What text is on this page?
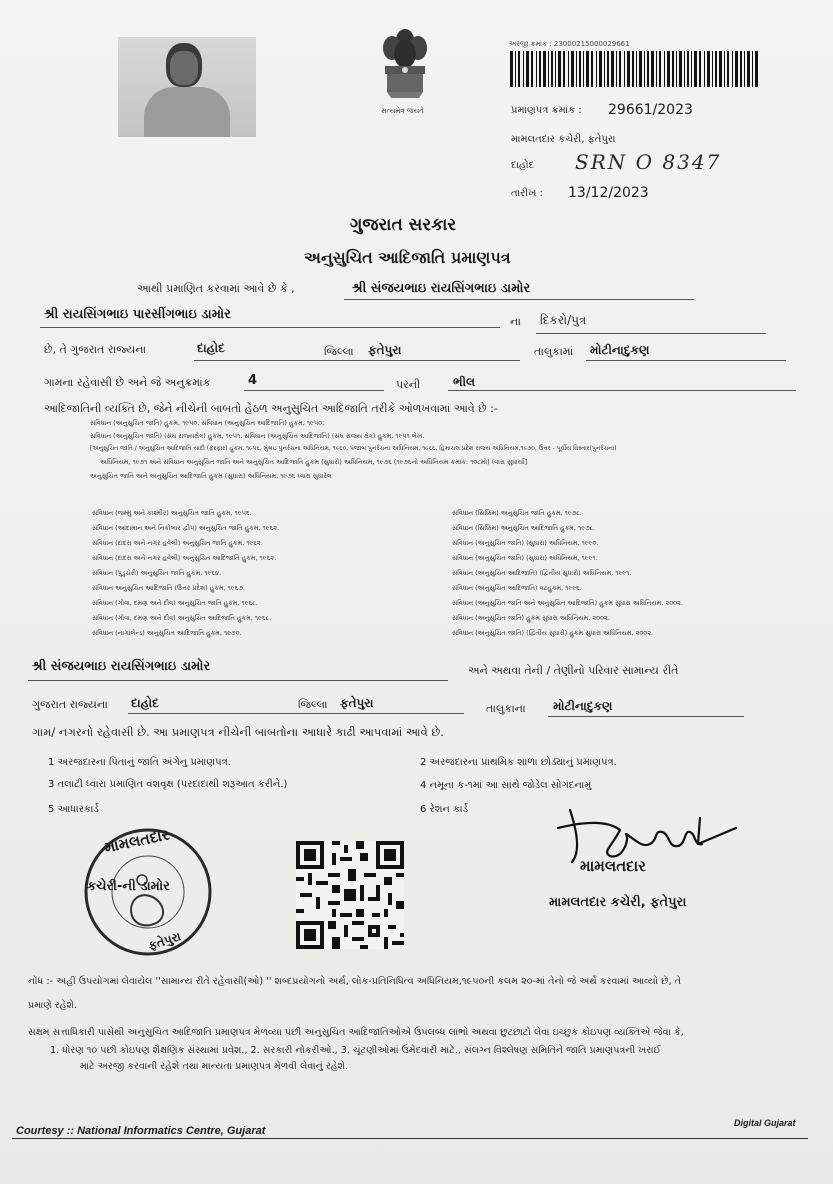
સત્યમેવ જયતે
અરજી ક્રમાંક : 23000215000029661
પ્રમાણપત્ર ક્રમાંક : 29661/2023
મામલતદાર કચેરી, ફતેપુરા
દાહોદ SRN O 8347
તારીખ : 13/12/2023
ગુજરાત સરકાર
અનુસુચિત આદિજાતિ પ્રમાણપત્ર
આથી પ્રમાણિત કરવામાં આવે છે કે ,	શ્રી સંજયભાઇ રાયસિંગભાઇ ડામોર
શ્રી રાયસિંગભાઇ પારસીંગભાઇ ડામોર	ના દિકરો/પુત્ર
છે, તે ગુજરાત રાજ્યના	દાહોદ	જિલ્લા ફતેપુરા	તાલુકામાં મોટીનાદુકણ
ગામના રહેવાસી છે અને જે અનુક્રમાંક	4	પરની	ભીલ
આદિજાતિની વ્યક્તિ છે, જેને નીચેની બાબતો હેઠળ અનુસુચિત આદિજાતિ તરીકે ઓળખવામાં આવે છે :-
સંવિધાન (અનુસુચિત જાતિ) હુકમ, ૧૯૫૦, સંવિધાન (અનુસુચિત આદિજાતિ) હુકમ, ૧૯૫૦;
સંવિધાન (અનુસુચિત જાતિ) (સંઘ રાજ્યક્ષેત્ર) હુકમ, ૧૯૫૧, સંવિધાન (અનુસુચિત આદિજાતિ) (સંઘ રાજ્ય ક્ષેત્ર) હુકમ, ૧૯૫૧ લેખ.
[અનુસુચિત જાતિ / અનુસુચિત આદિજાતિ યાદી (ફેરફાર) હુકમ, ૧૯૫૬, મુંબઇ પુનર્રચના અધિનિયમ, ૧૯૬૦, પંજાબ પુનર્રચના અધિનિયમ, ૧૯૬૬, હિમાચલ પ્રદેશ રાજ્ય અધિનિયમ,૧૯૭૦, ઉત્તર - પૂર્વીય વિસ્તાર(પુનર્રચના)
અધિનિયમ, ૧૯૭૧ અને સંવિધાન અનુસુચિત જાતિ અને અનુસુચિત આદિજાતિ હુકમ (સુધારો) અધિનિયમ, ૧૯૭૬ (૧૯૭૬નો અધિનિયમ ક્રમાંક: ૧૦૮મો) ધ્વારા સુધાર્યા]
અનુસુચિત જાતિ અને અનુસુચિત આદિજાતિ હુકમ (સુધારા) અધિનિયમ, ૧૯૭૬ ધ્વારા સુધારેલ
સંવિધાન (જમ્મુ અને કાશ્મીર) અનુસુચિત જાતિ હુકમ, ૧૯૫૬.
સંવિધાન (આંદામાન અને નિકોબાર દ્વીપ) અનુસુચિત જાતિ હુકમ, ૧૯૬૨.
સંવિધાન (દાદરા અને નગર હવેલી) અનુસુચિત જાતિ હુકમ, ૧૯૬૨.
સંવિધાન (દાદરા અને નગર હવેલી) અનુસુચિત આદિજાતિ હુકમ, ૧૯૬૨.
સંવિધાન (પુડુચેરી) અનુસુચિત જાતિ હુકમ, ૧૯૬૪.
સંવિધાન અનુસુચિત આદિજાતિ (ઉત્તર પ્રદેશ) હુકમ, ૧૯૬૭.
સંવિધાન (ગોવા, દમણ અને દીવ) અનુસુચિત જાતિ હુકમ, ૧૯૬૮.
સંવિધાન (ગોવા, દમણ અને દીવ) અનુસુચિત આદિજાતિ હુકમ, ૧૯૬૮.
સંવિધાન (નાગાલેન્ડ) અનુસુચિત આદિજાતિ હુકમ, ૧૯૭૦.
સંવિધાન (સિક્કિમ) અનુસુચિત જાતિ હુકમ, ૧૯૭૮.
સંવિધાન (સિક્કિમ) અનુસુચિત આદિજાતિ હુકમ, ૧૯૭૮.
સંવિધાન (અનુસુચિત જાતિ) (સુધારા) અધિનિયમ, ૧૯૯૦.
સંવિધાન (અનુસુચિત જાતિ) (સુધારા) અધિનિયમ, ૧૯૯૧.
સંવિધાન (અનુસુચિત આદિજાતિ) (દ્વિતીય સુધારો) અધિનિયમ, ૧૯૯૧.
સંવિધાન (અનુસુચિત આદિજાતિ) વટહુકમ, ૧૯૯૬.
સંવિધાન (અનુસુચિત જાતિ અને અનુસુચિત આદિજાતિ) હુકમ સુધારા અધિનિયમ, ૨૦૦૨.
સંવિધાન (અનુસુચિત જાતિ) હુકમ સુધારા અધિનિયમ, ૨૦૦૨.
સંવિધાન (અનુસુચિત જાતિ) (દ્વિતીય સુધારો) હુકમ સુધારા અધિનિયમ, ૨૦૦૨.
શ્રી સંજયભાઇ રાયસિંગભાઇ ડામોર	અને અથવા તેની / તેણીનો પરિવાર સામાન્ય રીતે
ગુજરાત રાજ્યના દાહોદ	જિલ્લા ફતેપુરા	તાલુકાના મોટીનાદુકણ
ગામ/ નગરનો રહેવાસી છે. આ પ્રમાણપત્ર નીચેની બાબતોના આધારે કાઢી આપવામાં આવે છે.
1 અરજદારના પિતાનું જાતિ અંગેનુ પ્રમાણપત્ર.	2 અરજદારના પ્રાથમિક શાળા છોડ્યાનું પ્રમાણપત્ર.
3 તલાટી ધ્વારા પ્રમાણિત વંશવૃક્ષ (પરદાદાથી શરૂઆત કરીને.)	4 નમૂના ક-૧માં આ સાથે જોડેલ સોગંદનામું
5 આધારકાર્ડ	6 રેશન કાર્ડ
મામલતદાર
કચેરી-ની ડામોર
ફતેપુરા
મામલતદાર
મામલતદાર કચેરી, ફતેપુરા
નોંધ :- અહીં ઉપયોગમાં લેવાયેલ ''સામાન્ય રીતે રહેવાસી(ઓ) '' શબ્દપ્રયોગનો અર્થ, લોક-પ્રતિનિધિત્વ અધિનિયમ,૧૯૫૦ની કલમ ૨૦-માં તેનો જે અર્થે કરવામાં આવ્યો છે, તે
પ્રમાણે રહેશે.
સક્ષમ સત્તાધિકારી પાસેથી અનુસુચિત આદિજાતિ પ્રમાણપત્ર મેળવ્યા પછી અનુસુચિત આદિજાતિઓએ ઉપલબ્ધ લાભો અથવા છુટછાટો લેવા ઇચ્છુક કોઇપણ વ્યક્તિએ જેવા કે,
1. ધોરણ ૧૦ પછી કોઇપણ શૈક્ષણિક સંસ્થામાં પ્રવેશ., 2. સરકારી નોકરીઓ., 3. ચૂંટણીઓમાં ઉમેદવારી માટે., સંલગ્ન વિશ્લેષણ સમિતિને જાતિ પ્રમાણપત્રની ખરાઈ
માટે અરજી કરવાની રહેશે તથા માન્યતા પ્રમાણપત્ર મેળવી લેવાનું રહેશે.
Courtesy :: National Informatics Centre, Gujarat
Digital Gujarat
